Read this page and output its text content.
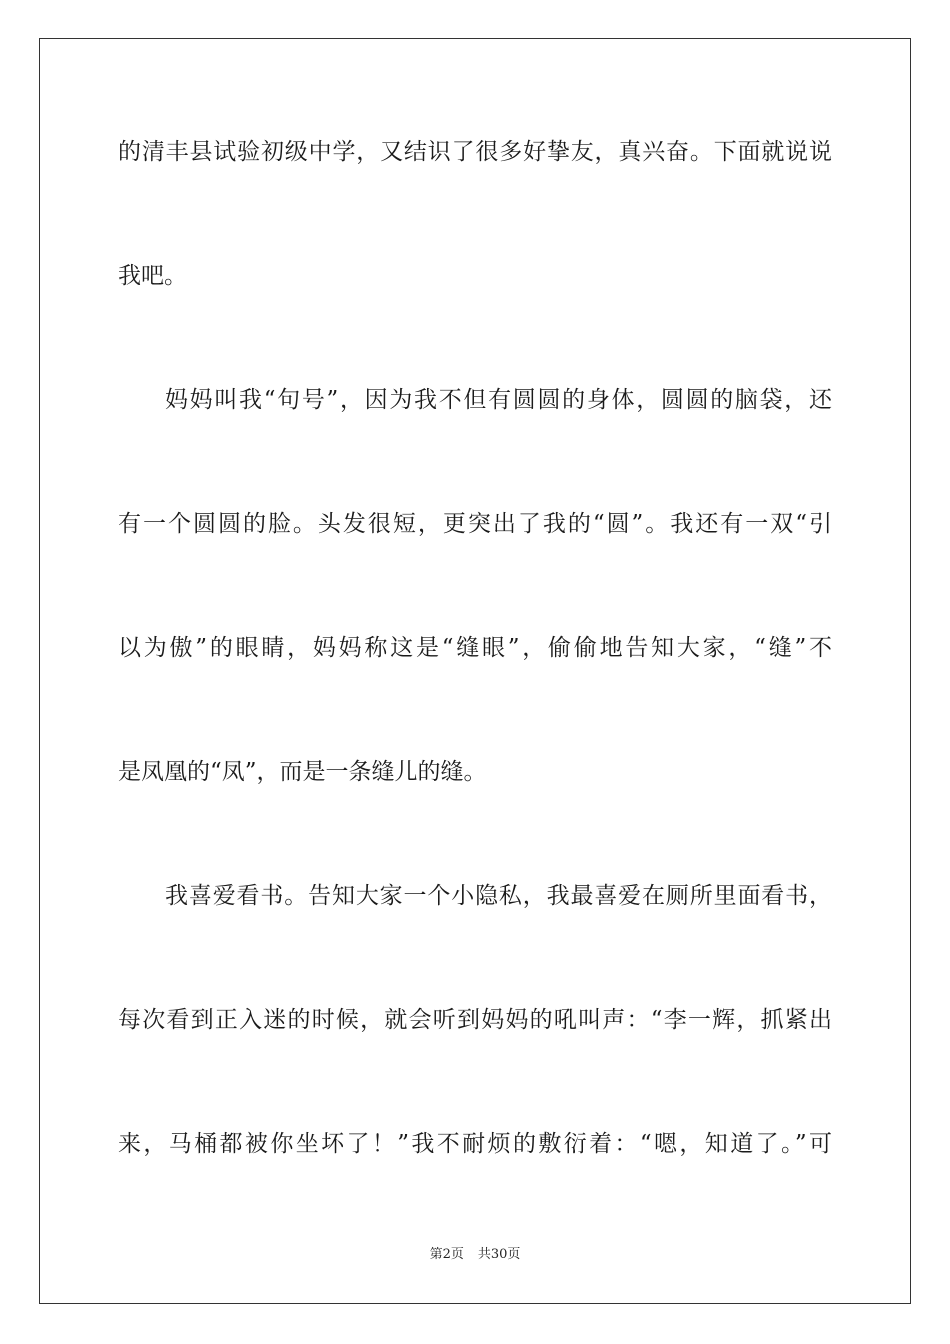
的清丰县试验初级中学，又结识了很多好挚友，真兴奋。下面就说说

我吧。

妈妈叫我“句号”，因为我不但有圆圆的身体，圆圆的脑袋，还

有一个圆圆的脸。头发很短，更突出了我的“圆”。我还有一双“引

以为傲”的眼睛，妈妈称这是“缝眼”，偷偷地告知大家，“缝”不

是凤凰的“凤”，而是一条缝儿的缝。

我喜爱看书。告知大家一个小隐私，我最喜爱在厕所里面看书，

每次看到正入迷的时候，就会听到妈妈的吼叫声：“李一辉，抓紧出

来，马桶都被你坐坏了！”我不耐烦的敷衍着：“嗯，知道了。”可

第2页 共30页
